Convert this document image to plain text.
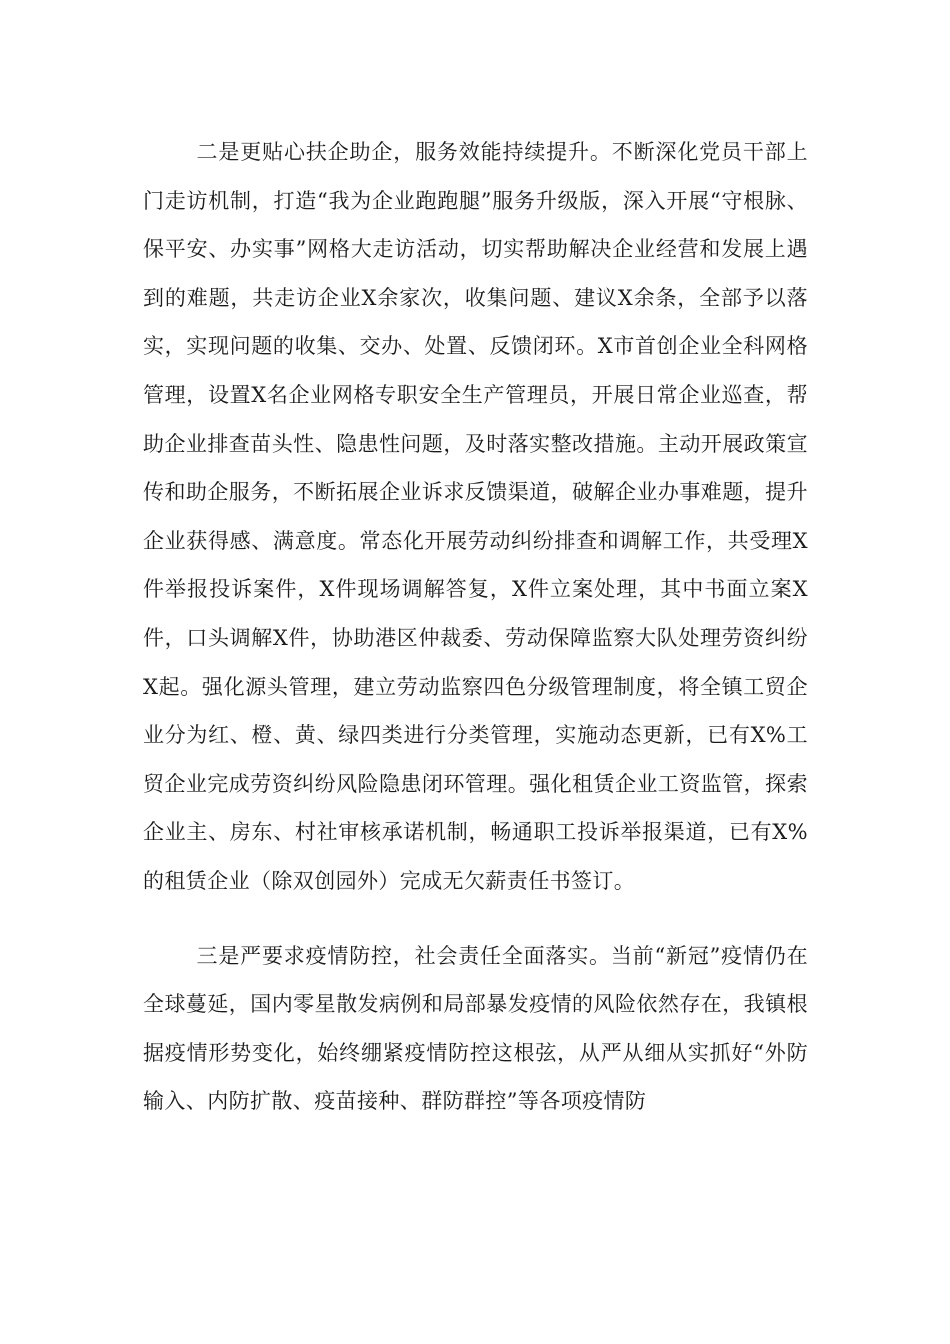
二是更贴心扶企助企，服务效能持续提升。不断深化党员干部上门走访机制，打造“我为企业跑跑腿”服务升级版，深入开展“守根脉、保平安、办实事”网格大走访活动，切实帮助解决企业经营和发展上遇到的难题，共走访企业X余家次，收集问题、建议X余条，全部予以落实，实现问题的收集、交办、处置、反馈闭环。X市首创企业全科网格管理，设置X名企业网格专职安全生产管理员，开展日常企业巡查，帮助企业排查苗头性、隐患性问题，及时落实整改措施。主动开展政策宣传和助企服务，不断拓展企业诉求反馈渠道，破解企业办事难题，提升企业获得感、满意度。常态化开展劳动纠纷排查和调解工作，共受理X件举报投诉案件，X件现场调解答复，X件立案处理，其中书面立案X件，口头调解X件，协助港区仲裁委、劳动保障监察大队处理劳资纠纷X起。强化源头管理，建立劳动监察四色分级管理制度，将全镇工贸企业分为红、橙、黄、绿四类进行分类管理，实施动态更新，已有X%工贸企业完成劳资纠纷风险隐患闭环管理。强化租赁企业工资监管，探索企业主、房东、村社审核承诺机制，畅通职工投诉举报渠道，已有X%的租赁企业（除双创园外）完成无欠薪责任书签订。

三是严要求疫情防控，社会责任全面落实。当前“新冠”疫情仍在全球蔓延，国内零星散发病例和局部暴发疫情的风险依然存在，我镇根据疫情形势变化，始终绷紧疫情防控这根弦，从严从细从实抓好“外防输入、内防扩散、疫苗接种、群防群控”等各项疫情防
